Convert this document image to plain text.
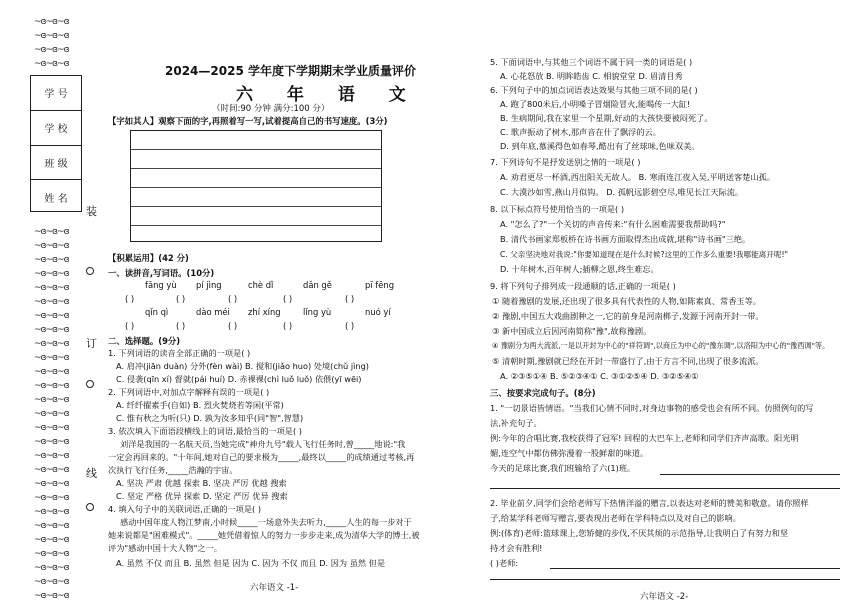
~ɞ~ɞ~ɞ
~ɞ~ɞ~ɞ
~ɞ~ɞ~ɞ
~ɞ~ɞ~ɞ
~ɞ~ɞ~ɞ
~ɞ~ɞ~ɞ
~ɞ~ɞ~ɞ
~ɞ~ɞ~ɞ
~ɞ~ɞ~ɞ
~ɞ~ɞ~ɞ
~ɞ~ɞ~ɞ
~ɞ~ɞ~ɞ
~ɞ~ɞ~ɞ
~ɞ~ɞ~ɞ
~ɞ~ɞ~ɞ
~ɞ~ɞ~ɞ
~ɞ~ɞ~ɞ
~ɞ~ɞ~ɞ
~ɞ~ɞ~ɞ
~ɞ~ɞ~ɞ
~ɞ~ɞ~ɞ
~ɞ~ɞ~ɞ
~ɞ~ɞ~ɞ
~ɞ~ɞ~ɞ
~ɞ~ɞ~ɞ
~ɞ~ɞ~ɞ
~ɞ~ɞ~ɞ
~ɞ~ɞ~ɞ
~ɞ~ɞ~ɞ
~ɞ~ɞ~ɞ
~ɞ~ɞ~ɞ
学 号
学 校
班 级
姓 名
装
订
线
2024—2025 学年度下学期期末学业质量评价
六 年 语 文
（时间:90 分钟 满分:100 分）
【字如其人】观察下面的字,再照着写一写,试着提高自己的书写速度。(3分)
【积累运用】(42 分)
一、读拼音,写词语。(10分)
fāng yù
( )
pí jìng
( )
chè dǐ
( )
dǎn gě
( )
pī fēng
( )
qǐn qì
( )
dào méi
( )
zhí xíng
( )
lǐng yù
( )
nuó yí
( )
二、选择题。(9分)
1. 下列词语的读音全部正确的一项是( )
A. 肩冲(jiān duàn) 分外(fèn wài) B. 搅和(jiǎo huo) 处境(chǔ jìng)
C. 侵袭(qīn xí) 督就(pái huí) D. 赤裸裸(chì luǒ luǒ) 依偎(yī wēi)
2. 下列词语中,对加点字解释有误的一项是( )
A. 纤纤擢素手(自如) B. 烈火焚烧若等闲(平常)
C. 惟有秋之为听(只) D. 孰为汝多知乎(同"智",智慧)
3. 依次填入下面语段横线上的词语,最恰当的一项是( )
刘洋是我国的一名航天员,当她完成"神舟九号"载人飞行任务时,曾_____地说:"我
一定会再回来的。"十年间,她对自己的要求极为_____,最终以_____的成绩通过考核,再
次执行飞行任务,_____浩瀚的宇宙。
A. 坚决 严肃 优越 探索 B. 坚决 严厉 优越 搜索
C. 坚定 严格 优异 探索 D. 坚定 严厉 优异 搜索
4. 填入句子中的关联词语,正确的一项是( )
感动中国年度人物江梦南,小时候_____一场意外失去听力,_____人生的每一步对于
她来说都是"困难模式"。_____她凭借着惊人的努力一步步走来,成为清华大学的博士,被
评为"感动中国十大人物"之一。
A. 虽然 不仅 而且 B. 虽然 但是 因为 C. 因为 不仅 而且 D. 因为 虽然 但是
六年语文 -1-
5. 下面词语中,与其他三个词语不属于同一类的词语是( )
A. 心花怒放 B. 明眸皓齿 C. 相貌堂堂 D. 眉清目秀
6. 下列句子中的加点词语表达效果与其他三项不同的是( )
A. 跑了800米后,小明嗓子冒烟险冒火,能喝传一大缸!
B. 生病期间,我在家里一个星期,好动的大孩快要被闷死了。
C. 歌声振动了树木,那声音在什了飘浮的云。
D. 到年底,慕溪得色如春琴,酷出有了丝球味,色味双美。
7. 下列诗句不是抒发送别之情的一项是( )
A. 劝君更尽一杯酒,西出阳关无故人。 B. 寒雨连江夜入吴,平明送客楚山孤。
C. 大漠沙如雪,燕山月似钩。 D. 孤帆远影碧空尽,唯见长江天际流。
8. 以下标点符号使用恰当的一项是( )
A. "怎么了?"一个关切的声音传来:"有什么困难需要我帮助吗?"
B. 清代书画家郑板桥在诗书画方面取得杰出成就,堪称"诗书画"三绝。
C. 父亲坚决地对我说:"你要知道现在是什么时候?这里的工作多么重要!我哪能离开呢!"
D. 十年树木,百年树人;插柳之恩,终生难忘。
9. 将下列句子排列成一段通顺的话,正确的一项是( )
① 随着豫剧的发展,还出现了很多具有代表性的人物,如陈素真、常香玉等。
② 豫剧,中国五大戏曲剧种之一,它的前身是河南梆子,发源于河南开封一带。
③ 新中国成立后因河南简称"豫",故称豫剧。
④ 豫剧分为两大流派,一是以开封为中心的"祥符调",以商丘为中心的"豫东调",以洛阳为中心的"豫西调"等。
⑤ 清朝时期,豫剧就已经在开封一带盛行了,由于方言不同,出现了很多流派。
A. ②③⑤①④ B. ⑤②③④① C. ③①②⑤④ D. ③②⑤④①
三、按要求完成句子。(8分)
1. "一切景语皆情语。"当我们心情不同时,对身边事物的感受也会有所不同。仿照例句的写
法,补充句子。
例:今年的合唱比赛,我校获得了冠军! 回程的大巴车上,老师和同学们齐声高歌。阳光明
媚,连空气中都仿佛弥漫着一股鲜甜的味道。
今天的足球比赛,我们班输给了六(1)班。
2. 毕业前夕,同学们会给老师写下热情洋溢的赠言,以表达对老师的赞美和敬意。请你照样
子,给某学科老师写赠言,要表现出老师在学科特点以及对自己的影响。
例:(体育)老师:篮球课上,您矫健的步伐,不厌其烦的示范指导,让我明白了有努力和坚
持才会有胜利!
( )老师:
六年语文 -2-
